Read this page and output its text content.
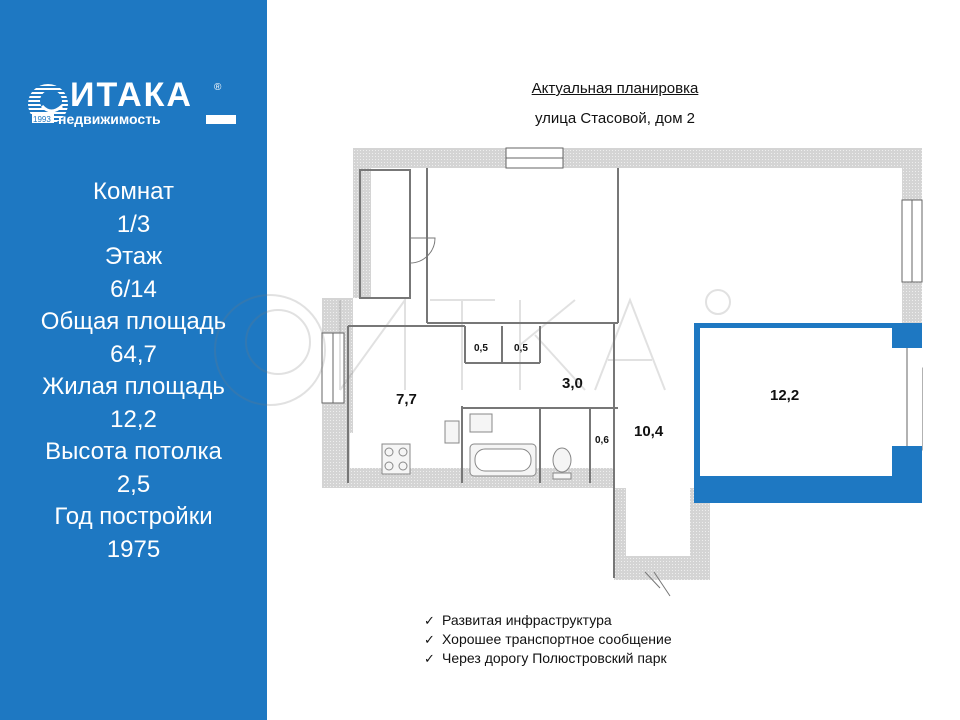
ИТАКА ®
1993 недвижимость
Комнат
1/3
Этаж
6/14
Общая площадь
64,7
Жилая площадь
12,2
Высота потолка
2,5
Год постройки
1975
Актуальная планировка
улица Стасовой, дом 2
7,7
0,5	0,5
3,0
10,4
0,6
12,2
✓ Развитая инфраструктура
✓ Хорошее транспортное сообщение
✓ Через дорогу Полюстровский парк
